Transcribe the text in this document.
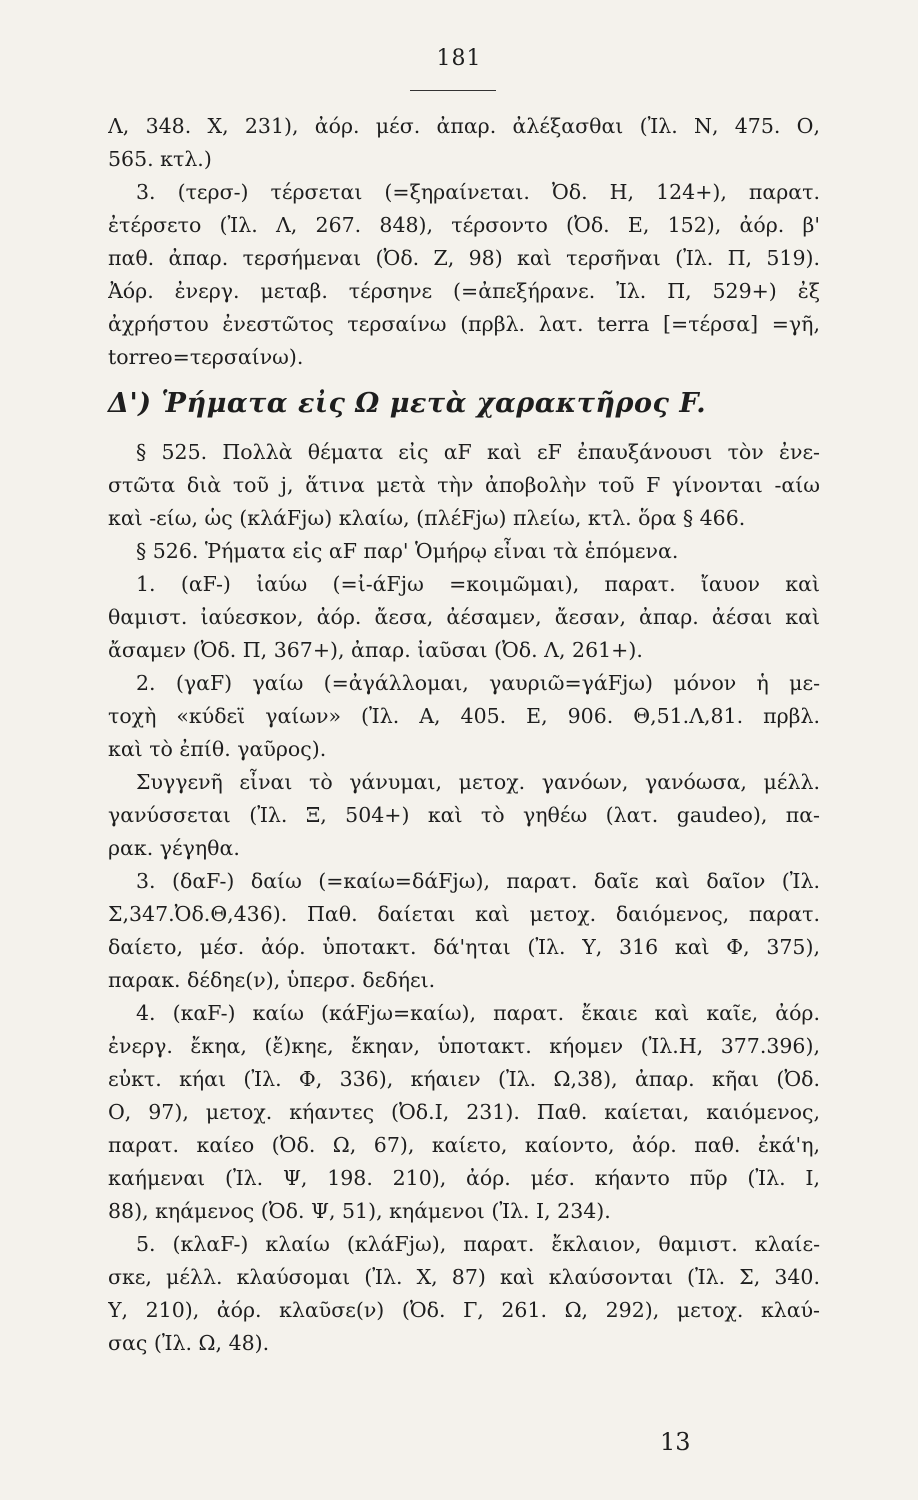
181
Λ, 348. Χ, 231), ἀόρ. μέσ. ἀπαρ. ἀλέξασθαι (Ἰλ. Ν, 475. Ο,
565. κτλ.)
3. (τερσ-) τέρσεται (=ξηραίνεται. Ὀδ. Η, 124+), παρατ.
ἐτέρσετο (Ἰλ. Λ, 267. 848), τέρσοντο (Ὀδ. Ε, 152), ἀόρ. β'
παθ. ἀπαρ. τερσήμεναι (Ὀδ. Ζ, 98) καὶ τερσῆναι (Ἰλ. Π, 519).
Ἀόρ. ἐνεργ. μεταβ. τέρσηνε (=ἀπεξήρανε. Ἰλ. Π, 529+) ἐξ
ἀχρήστου ἐνεστῶτος τερσαίνω (πρβλ. λατ. terra [=τέρσα] =γῆ,
torreo=τερσαίνω).
Δ') Ῥήματα εἰς Ω μετὰ χαρακτῆρος F.
§ 525. Πολλὰ θέματα εἰς αF καὶ εF ἐπαυξάνουσι τὸν ἐνε-
στῶτα διὰ τοῦ j, ἅτινα μετὰ τὴν ἀποβολὴν τοῦ F γίνονται -αίω
καὶ -είω, ὡς (κλάFjω) κλαίω, (πλέFjω) πλείω, κτλ. ὅρα § 466.
§ 526. Ῥήματα εἰς αF παρ' Ὁμήρῳ εἶναι τὰ ἑπόμενα.
1. (αF-) ἰαύω (=ἰ-άFjω =κοιμῶμαι), παρατ. ἴαυον καὶ
θαμιστ. ἰαύεσκον, ἀόρ. ἄεσα, ἀέσαμεν, ἄεσαν, ἀπαρ. ἀέσαι καὶ
ἄσαμεν (Ὀδ. Π, 367+), ἀπαρ. ἰαῦσαι (Ὀδ. Λ, 261+).
2. (γαF) γαίω (=ἀγάλλομαι, γαυριῶ=γάFjω) μόνον ἡ με-
τοχὴ «κύδεϊ γαίων» (Ἰλ. Α, 405. Ε, 906. Θ,51.Λ,81. πρβλ.
καὶ τὸ ἐπίθ. γαῦρος).
Συγγενῆ εἶναι τὸ γάνυμαι, μετοχ. γανόων, γανόωσα, μέλλ.
γανύσσεται (Ἰλ. Ξ, 504+) καὶ τὸ γηθέω (λατ. gaudeo), πα-
ρακ. γέγηθα.
3. (δαF-) δαίω (=καίω=δάFjω), παρατ. δαῖε καὶ δαῖον (Ἰλ.
Σ,347.Ὀδ.Θ,436). Παθ. δαίεται καὶ μετοχ. δαιόμενος, παρατ.
δαίετο, μέσ. ἀόρ. ὑποτακτ. δά'ηται (Ἰλ. Υ, 316 καὶ Φ, 375),
παρακ. δέδηε(ν), ὑπερσ. δεδήει.
4. (καF-) καίω (κάFjω=καίω), παρατ. ἔκαιε καὶ καῖε, ἀόρ.
ἐνεργ. ἔκηα, (ἔ)κηε, ἔκηαν, ὑποτακτ. κήομεν (Ἰλ.Η, 377.396),
εὐκτ. κήαι (Ἰλ. Φ, 336), κήαιεν (Ἰλ. Ω,38), ἀπαρ. κῆαι (Ὀδ.
Ο, 97), μετοχ. κήαντες (Ὀδ.Ι, 231). Παθ. καίεται, καιόμενος,
παρατ. καίεο (Ὀδ. Ω, 67), καίετο, καίοντο, ἀόρ. παθ. ἐκά'η,
καήμεναι (Ἰλ. Ψ, 198. 210), ἀόρ. μέσ. κήαντο πῦρ (Ἰλ. Ι,
88), κηάμενος (Ὀδ. Ψ, 51), κηάμενοι (Ἰλ. Ι, 234).
5. (κλαF-) κλαίω (κλάFjω), παρατ. ἔκλαιον, θαμιστ. κλαίε-
σκε, μέλλ. κλαύσομαι (Ἰλ. Χ, 87) καὶ κλαύσονται (Ἰλ. Σ, 340.
Υ, 210), ἀόρ. κλαῦσε(ν) (Ὀδ. Γ, 261. Ω, 292), μετοχ. κλαύ-
σας (Ἰλ. Ω, 48).
13
